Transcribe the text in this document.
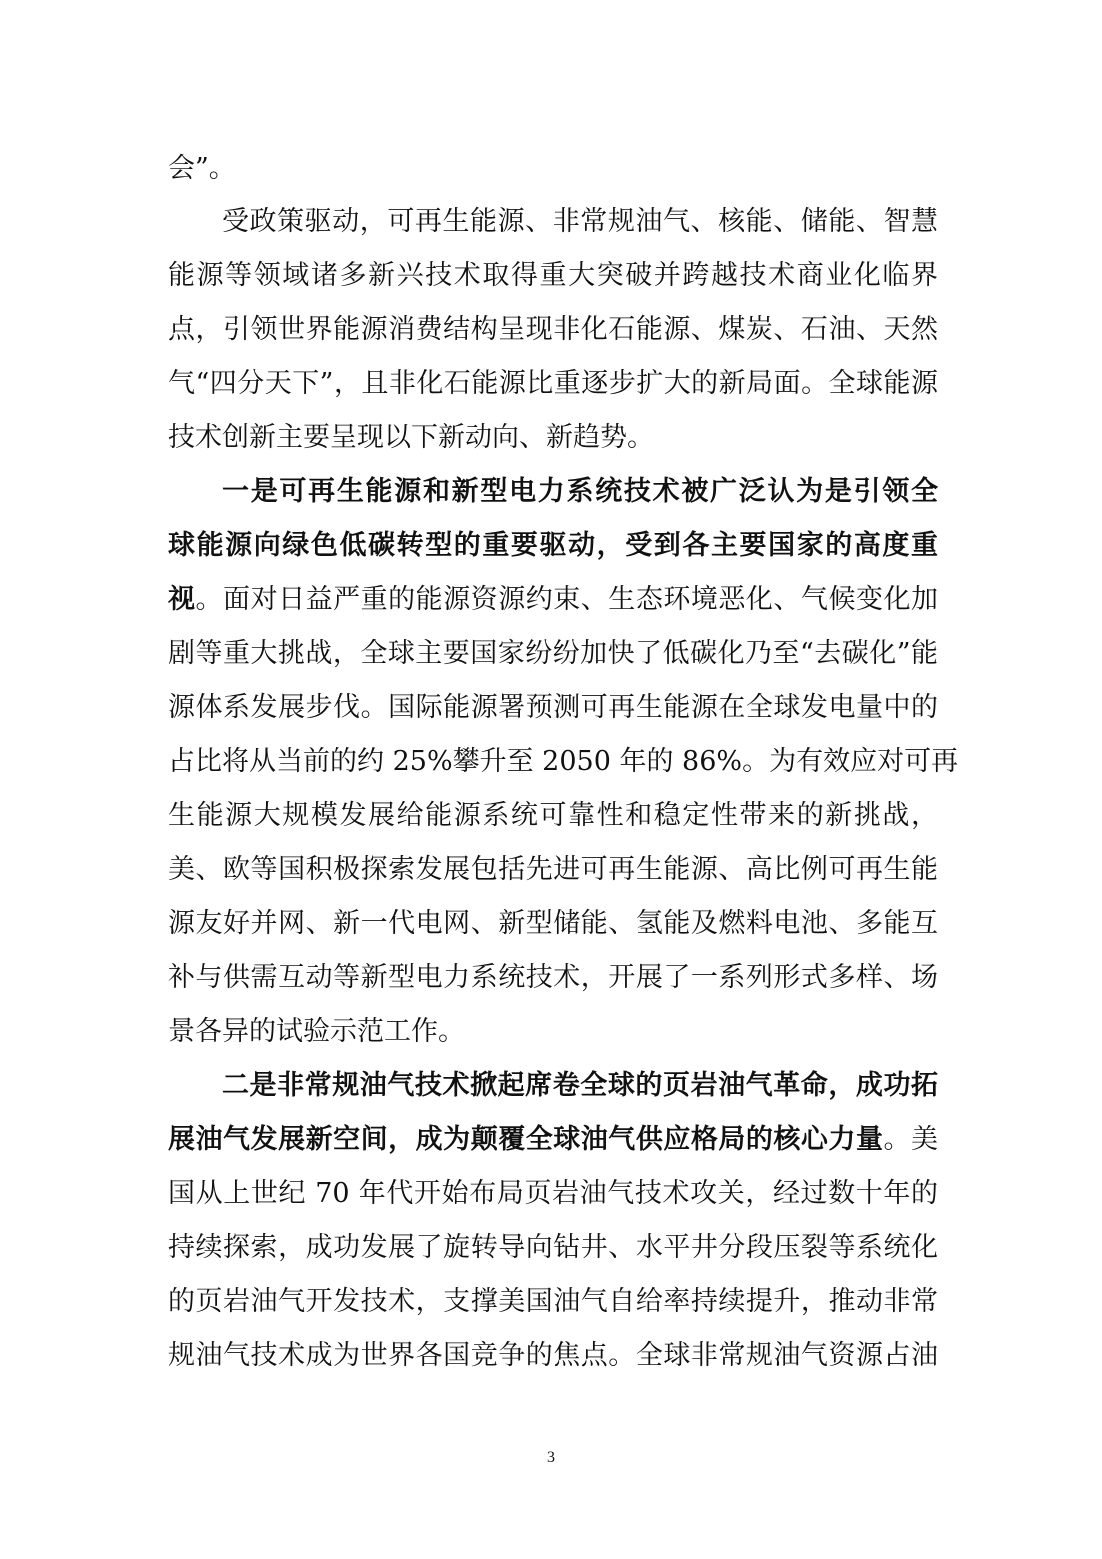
会”。
受政策驱动，可再生能源、非常规油气、核能、储能、智慧
能源等领域诸多新兴技术取得重大突破并跨越技术商业化临界
点，引领世界能源消费结构呈现非化石能源、煤炭、石油、天然
气“四分天下”，且非化石能源比重逐步扩大的新局面。全球能源
技术创新主要呈现以下新动向、新趋势。
一是可再生能源和新型电力系统技术被广泛认为是引领全
球能源向绿色低碳转型的重要驱动，受到各主要国家的高度重
视。面对日益严重的能源资源约束、生态环境恶化、气候变化加
剧等重大挑战，全球主要国家纷纷加快了低碳化乃至“去碳化”能
源体系发展步伐。国际能源署预测可再生能源在全球发电量中的
占比将从当前的约 25%攀升至 2050 年的 86%。为有效应对可再
生能源大规模发展给能源系统可靠性和稳定性带来的新挑战，
美、欧等国积极探索发展包括先进可再生能源、高比例可再生能
源友好并网、新一代电网、新型储能、氢能及燃料电池、多能互
补与供需互动等新型电力系统技术，开展了一系列形式多样、场
景各异的试验示范工作。
二是非常规油气技术掀起席卷全球的页岩油气革命，成功拓
展油气发展新空间，成为颠覆全球油气供应格局的核心力量。美
国从上世纪 70 年代开始布局页岩油气技术攻关，经过数十年的
持续探索，成功发展了旋转导向钻井、水平井分段压裂等系统化
的页岩油气开发技术，支撑美国油气自给率持续提升，推动非常
规油气技术成为世界各国竞争的焦点。全球非常规油气资源占油
3
